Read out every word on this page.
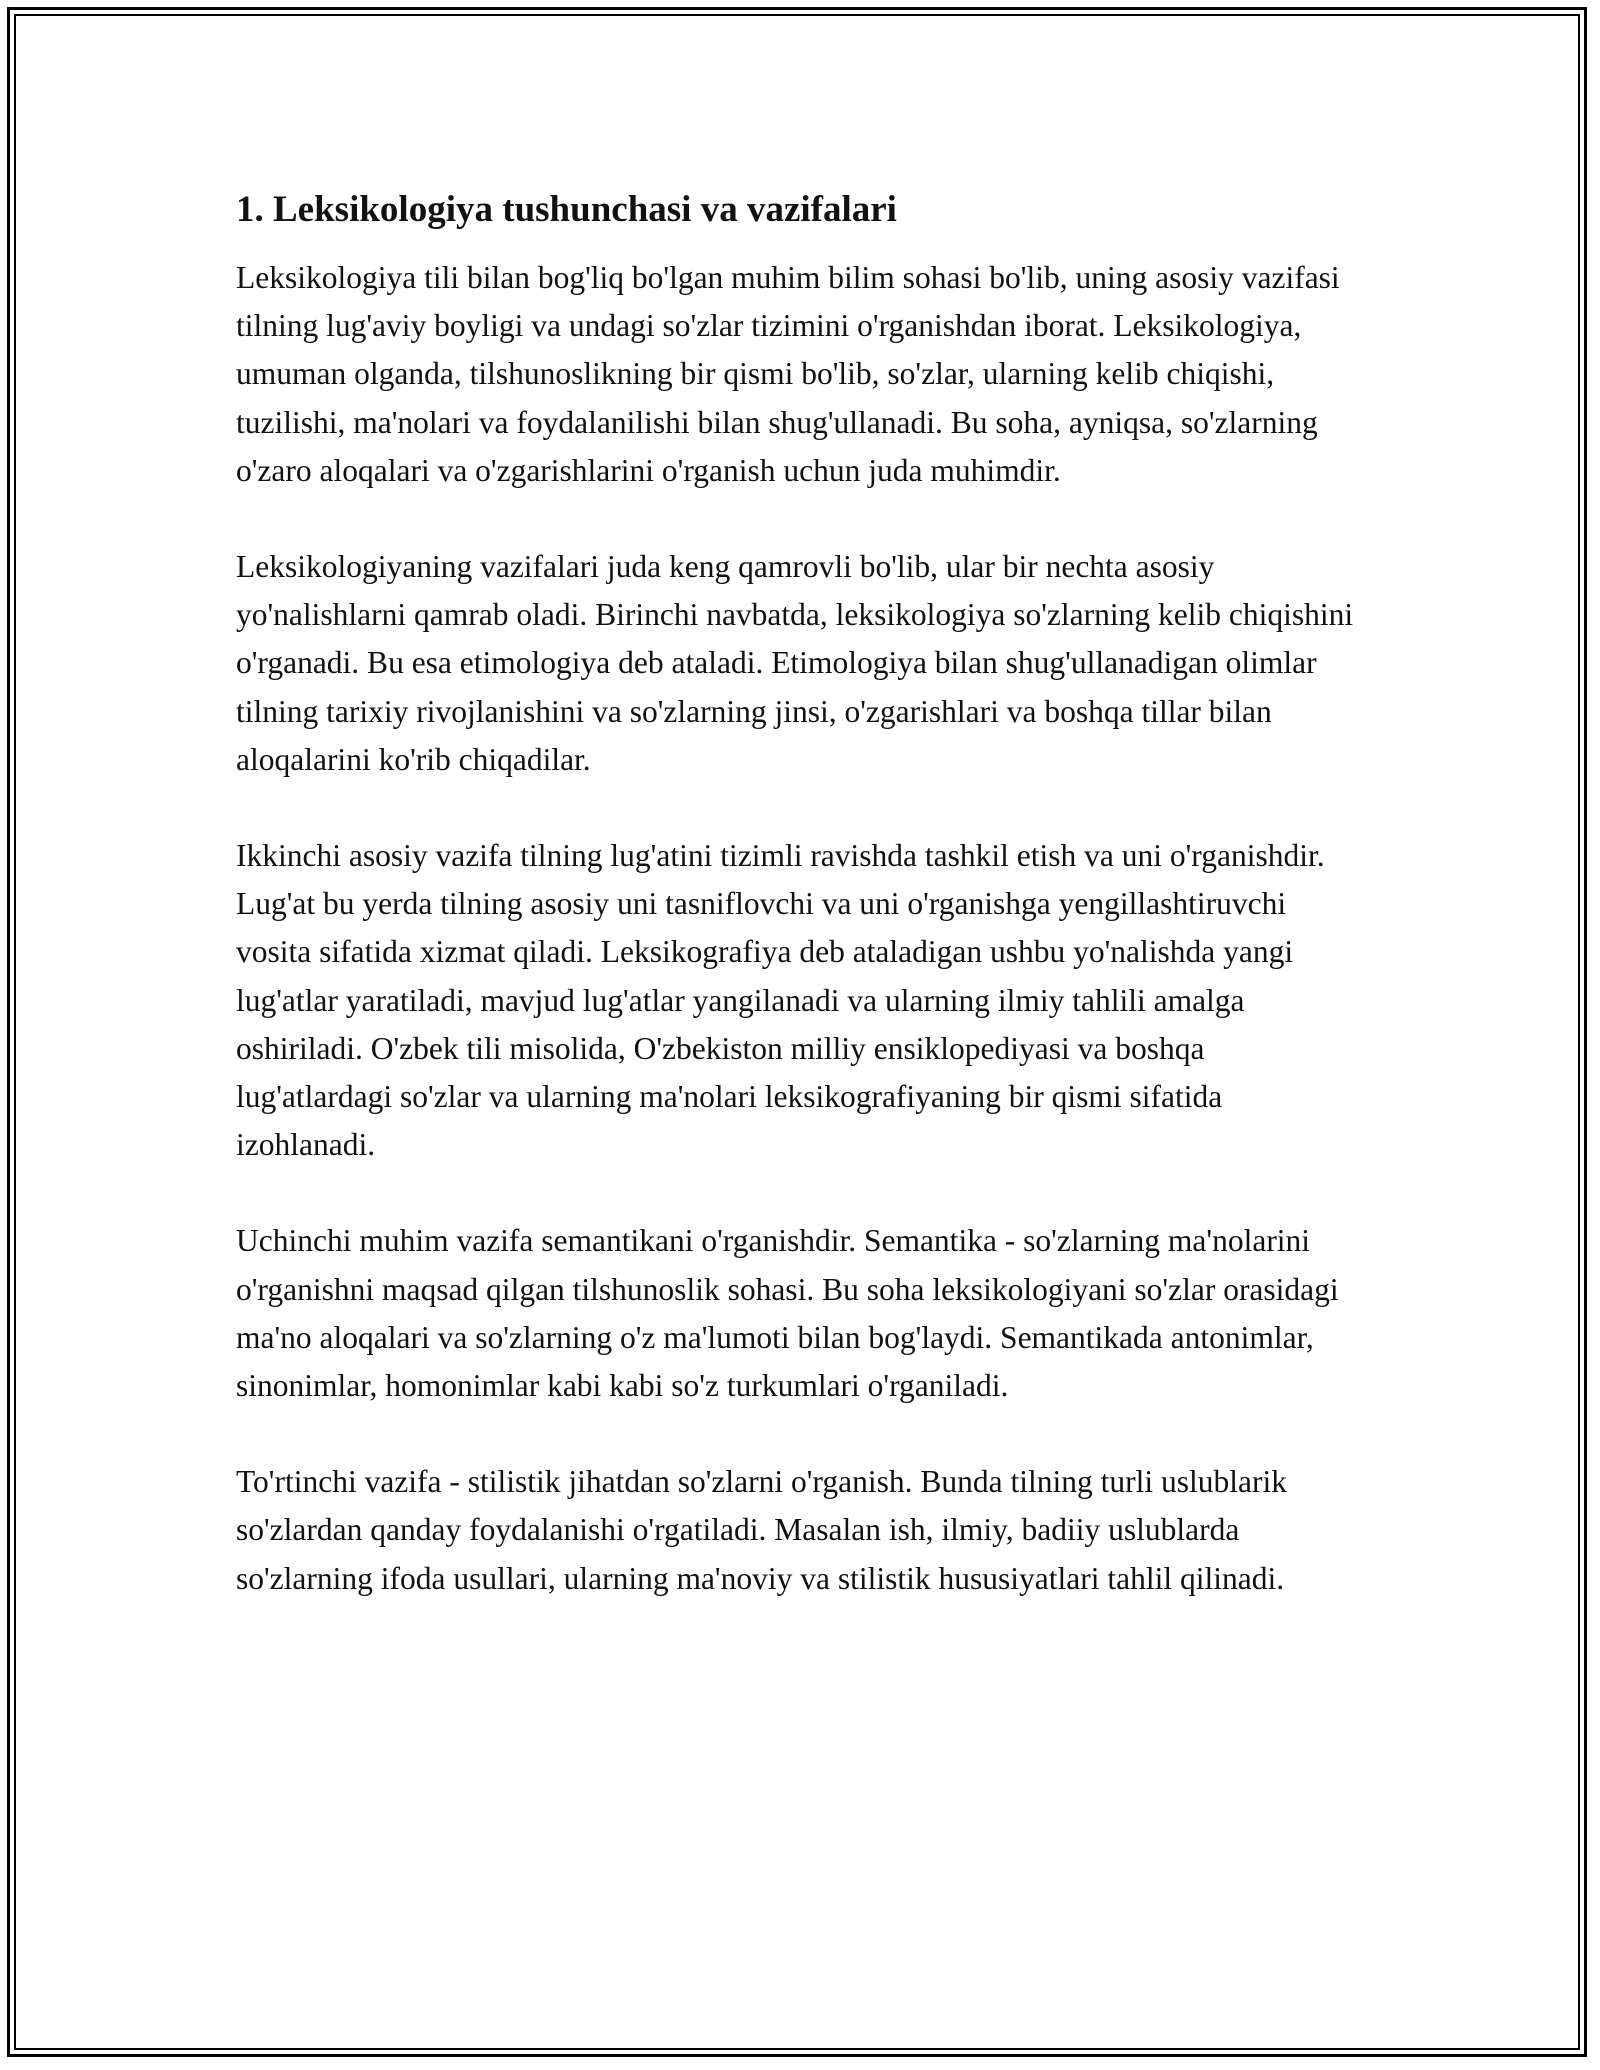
1. Leksikologiya tushunchasi va vazifalari

Leksikologiya tili bilan bog'liq bo'lgan muhim bilim sohasi bo'lib, uning asosiy vazifasi tilning lug'aviy boyligi va undagi so'zlar tizimini o'rganishdan iborat. Leksikologiya, umuman olganda, tilshunoslikning bir qismi bo'lib, so'zlar, ularning kelib chiqishi, tuzilishi, ma'nolari va foydalanilishi bilan shug'ullanadi. Bu soha, ayniqsa, so'zlarning o'zaro aloqalari va o'zgarishlarini o'rganish uchun juda muhimdir.

Leksikologiyaning vazifalari juda keng qamrovli bo'lib, ular bir nechta asosiy yo'nalishlarni qamrab oladi. Birinchi navbatda, leksikologiya so'zlarning kelib chiqishini o'rganadi. Bu esa etimologiya deb ataladi. Etimologiya bilan shug'ullanadigan olimlar tilning tarixiy rivojlanishini va so'zlarning jinsi, o'zgarishlari va boshqa tillar bilan aloqalarini ko'rib chiqadilar.

Ikkinchi asosiy vazifa tilning lug'atini tizimli ravishda tashkil etish va uni o'rganishdir. Lug'at bu yerda tilning asosiy uni tasniflovchi va uni o'rganishga yengillashtiruvchi vosita sifatida xizmat qiladi. Leksikografiya deb ataladigan ushbu yo'nalishda yangi lug'atlar yaratiladi, mavjud lug'atlar yangilanadi va ularning ilmiy tahlili amalga oshiriladi. O'zbek tili misolida, O'zbekiston milliy ensiklopediyasi va boshqa lug'atlardagi so'zlar va ularning ma'nolari leksikografiyaning bir qismi sifatida izohlanadi.

Uchinchi muhim vazifa semantikani o'rganishdir. Semantika - so'zlarning ma'nolarini o'rganishni maqsad qilgan tilshunoslik sohasi. Bu soha leksikologiyani so'zlar orasidagi ma'no aloqalari va so'zlarning o'z ma'lumoti bilan bog'laydi. Semantikada antonimlar, sinonimlar, homonimlar kabi kabi so'z turkumlari o'rganiladi.

To'rtinchi vazifa - stilistik jihatdan so'zlarni o'rganish. Bunda tilning turli uslublarik so'zlardan qanday foydalanishi o'rgatiladi. Masalan ish, ilmiy, badiiy uslublarda so'zlarning ifoda usullari, ularning ma'noviy va stilistik hususiyatlari tahlil qilinadi.
